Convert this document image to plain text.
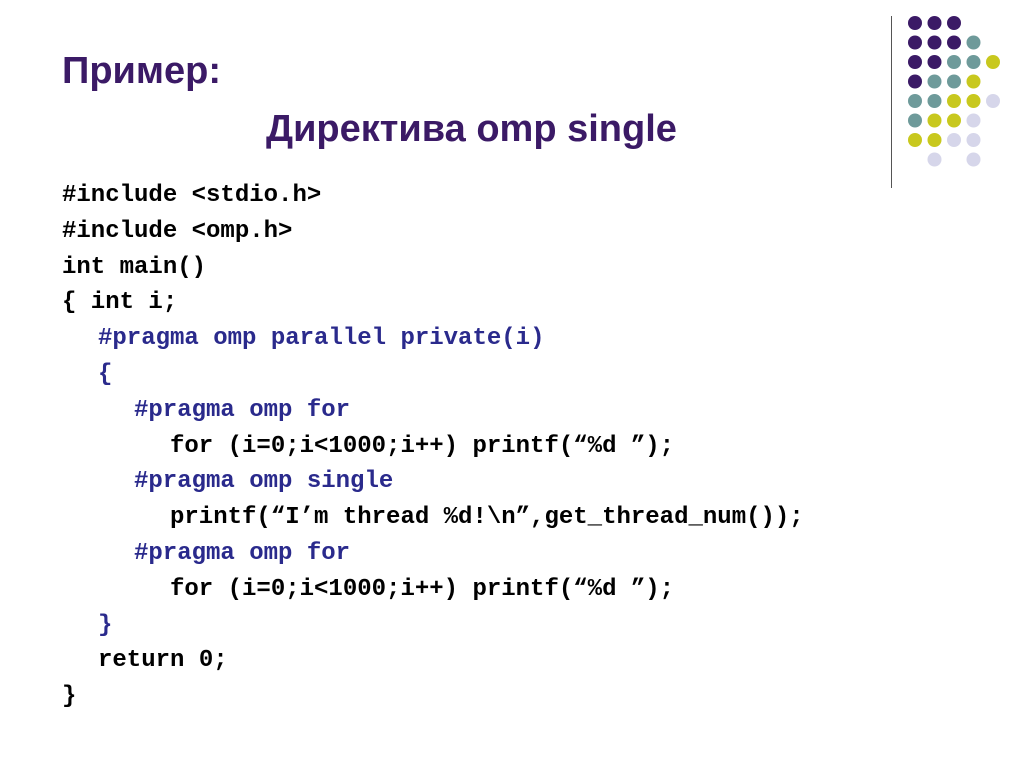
Пример:
Директива omp single
#include <stdio.h>
#include <omp.h>
int main()
{ int i;
#pragma omp parallel private(i)
{
#pragma omp for
for (i=0;i<1000;i++) printf(“%d ”);
#pragma omp single
printf(“I’m thread %d!\n”,get_thread_num());
#pragma omp for
for (i=0;i<1000;i++) printf(“%d ”);
}
return 0;
}
